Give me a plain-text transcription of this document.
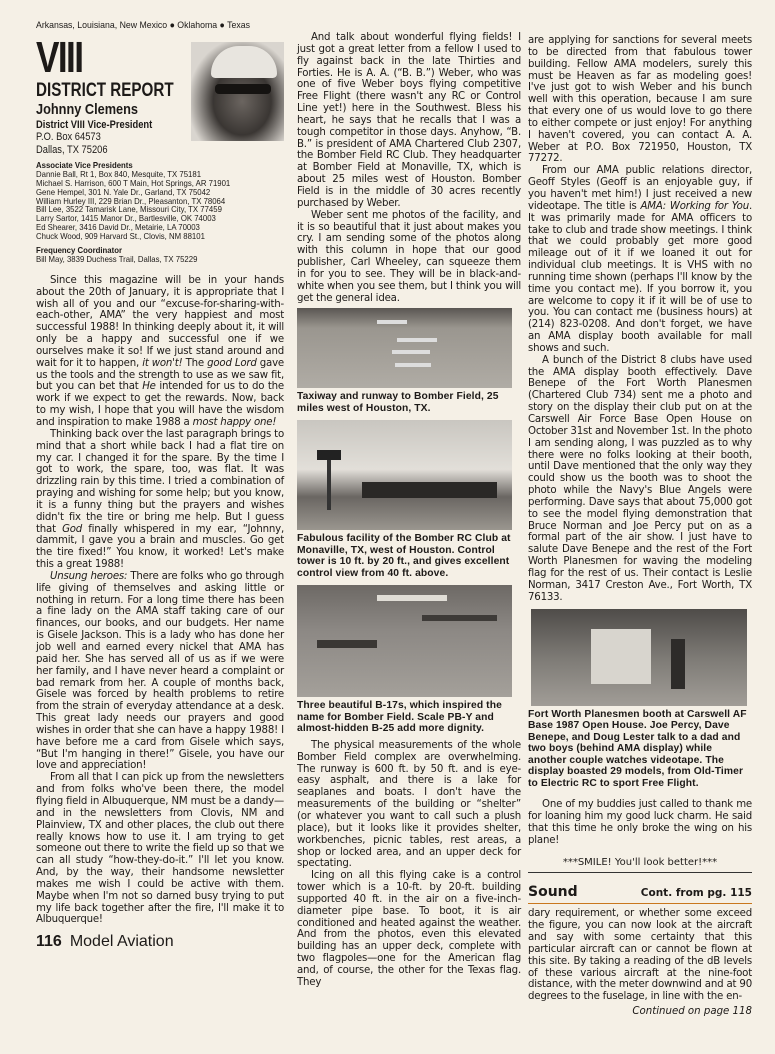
Arkansas, Louisiana, New Mexico ● Oklahoma ● Texas
VIII
DISTRICT REPORT
Johnny Clemens
District VIII Vice-President
P.O. Box 64573
Dallas, TX 75206
Associate Vice Presidents
Dannie Ball, Rt 1, Box 840, Mesquite, TX 75181
Michael S. Harrison, 600 T Main, Hot Springs, AR 71901
Gene Hempel, 301 N. Yale Dr., Garland, TX 75042
William Hurley III, 229 Brian Dr., Pleasanton, TX 78064
Bill Lee, 3522 Tamarisk Lane, Missouri City, TX 77459
Larry Sartor, 1415 Manor Dr., Bartlesville, OK 74003
Ed Shearer, 3416 David Dr., Metairie, LA 70003
Chuck Wood, 909 Harvard St., Clovis, NM 88101
Frequency Coordinator
Bill May, 3839 Duchess Trail, Dallas, TX 75229

Since this magazine will be in your hands about the 20th of January, it is appropriate that I wish all of you and our “excuse-for-sharing-with-each-other, AMA” the very happiest and most successful 1988! In thinking deeply about it, it will only be a happy and successful one if we ourselves make it so! If we just stand around and wait for it to happen, it won't! The good Lord gave us the tools and the strength to use as we saw fit, but you can bet that He intended for us to do the work if we expect to get the rewards. Now, back to my wish, I hope that you will have the wisdom and inspiration to make 1988 a most happy one!

Thinking back over the last paragraph brings to mind that a short while back I had a flat tire on my car. I changed it for the spare. By the time I got to work, the spare, too, was flat. It was drizzling rain by this time. I tried a combination of praying and wishing for some help; but you know, it is a funny thing but the prayers and wishes didn't fix the tire or bring me help. But I guess that God finally whispered in my ear, “Johnny, dammit, I gave you a brain and muscles. Go get the tire fixed!” You know, it worked! Let's make this a great 1988!

Unsung heroes: There are folks who go through life giving of themselves and asking little or nothing in return. For a long time there has been a fine lady on the AMA staff taking care of our finances, our books, and our budgets. Her name is Gisele Jackson. This is a lady who has done her job well and earned every nickel that AMA has paid her. She has served all of us as if we were her family, and I have never heard a complaint or bad remark from her. A couple of months back, Gisele was forced by health problems to retire from the strain of everyday attendance at a desk. This great lady needs our prayers and good wishes in order that she can have a happy 1988! I have before me a card from Gisele which says, “But I'm hanging in there!” Gisele, you have our love and appreciation!

From all that I can pick up from the newsletters and from folks who've been there, the model flying field in Albuquerque, NM must be a dandy—and in the newsletters from Clovis, NM and Plainview, TX and other places, the club out there really knows how to use it. I am trying to get someone out there to write the field up so that we can all study “how-they-do-it.” I'll let you know. And, by the way, their handsome newsletter makes me wish I could be active with them. Maybe when I'm not so darned busy trying to put my life back together after the fire, I'll make it to Albuquerque!

116 Model Aviation

And talk about wonderful flying fields! I just got a great letter from a fellow I used to fly against back in the late Thirties and Forties. He is A. A. (“B. B.”) Weber, who was one of five Weber boys flying competitive Free Flight (there wasn't any RC or Control Line yet!) here in the Southwest. Bless his heart, he says that he recalls that I was a tough competitor in those days. Anyhow, “B. B.” is president of AMA Chartered Club 2307, the Bomber Field RC Club. They headquarter at Bomber Field at Monaville, TX, which is about 25 miles west of Houston. Bomber Field is in the middle of 30 acres recently purchased by Weber.

Weber sent me photos of the facility, and it is so beautiful that it just about makes you cry. I am sending some of the photos along with this column in hope that our good publisher, Carl Wheeley, can squeeze them in for you to see. They will be in black-and-white when you see them, but I think you will get the general idea.

Taxiway and runway to Bomber Field, 25 miles west of Houston, TX.
Fabulous facility of the Bomber RC Club at Monaville, TX, west of Houston. Control tower is 10 ft. by 20 ft., and gives excellent control view from 40 ft. above.
Three beautiful B-17s, which inspired the name for Bomber Field. Scale PB-Y and almost-hidden B-25 add more dignity.

The physical measurements of the whole Bomber Field complex are overwhelming. The runway is 600 ft. by 50 ft. and is eye-easy asphalt, and there is a lake for seaplanes and boats. I don't have the measurements of the building or “shelter” (or whatever you want to call such a plush place), but it looks like it provides shelter, workbenches, picnic tables, rest areas, a shop or locked area, and an upper deck for spectating.

Icing on all this flying cake is a control tower which is a 10-ft. by 20-ft. building supported 40 ft. in the air on a five-inch-diameter pipe base. To boot, it is air conditioned and heated against the weather. And from the photos, even this elevated building has an upper deck, complete with two flagpoles—one for the American flag and, of course, the other for the Texas flag. They

are applying for sanctions for several meets to be directed from that fabulous tower building. Fellow AMA modelers, surely this must be Heaven as far as modeling goes! I've just got to wish Weber and his bunch well with this operation, because I am sure that every one of us would love to go there to either compete or just enjoy! For anything I haven't covered, you can contact A. A. Weber at P.O. Box 721950, Houston, TX 77272.

From our AMA public relations director, Geoff Styles (Geoff is an enjoyable guy, if you haven't met him!) I just received a new videotape. The title is AMA: Working for You. It was primarily made for AMA officers to take to club and trade show meetings. I think that we could probably get more good mileage out of it if we loaned it out for individual club meetings. It is VHS with no running time shown (perhaps I'll know by the time you contact me). If you borrow it, you are welcome to copy it if it will be of use to you. You can contact me (business hours) at (214) 823-0208. And don't forget, we have an AMA display booth available for mall shows and such.

A bunch of the District 8 clubs have used the AMA display booth effectively. Dave Benepe of the Fort Worth Planesmen (Chartered Club 734) sent me a photo and story on the display their club put on at the Carswell Air Force Base Open House on October 31st and November 1st. In the photo I am sending along, I was puzzled as to why there were no folks looking at their booth, until Dave mentioned that the only way they could show us the booth was to shoot the photo while the Navy's Blue Angels were performing. Dave says that about 75,000 got to see the model flying demonstration that Bruce Norman and Joe Percy put on as a formal part of the air show. I just have to salute Dave Benepe and the rest of the Fort Worth Planesmen for waving the modeling flag for the rest of us. Their contact is Leslie Norman, 3417 Creston Ave., Fort Worth, TX 76133.

Fort Worth Planesmen booth at Carswell AF Base 1987 Open House. Joe Percy, Dave Benepe, and Doug Lester talk to a dad and two boys (behind AMA display) while another couple watches videotape. The display boasted 29 models, from Old-Timer to Electric RC to sport Free Flight.

One of my buddies just called to thank me for loaning him my good luck charm. He said that this time he only broke the wing on his plane!

***SMILE! You'll look better!***
Sound	Cont. from pg. 115

dary requirement, or whether some exceed the figure, you can now look at the aircraft and say with some certainty that this particular aircraft can or cannot be flown at this site. By taking a reading of the dB levels of these various aircraft at the nine-foot distance, with the meter downwind and at 90 degrees to the fuselage, in line with the en-

Continued on page 118
